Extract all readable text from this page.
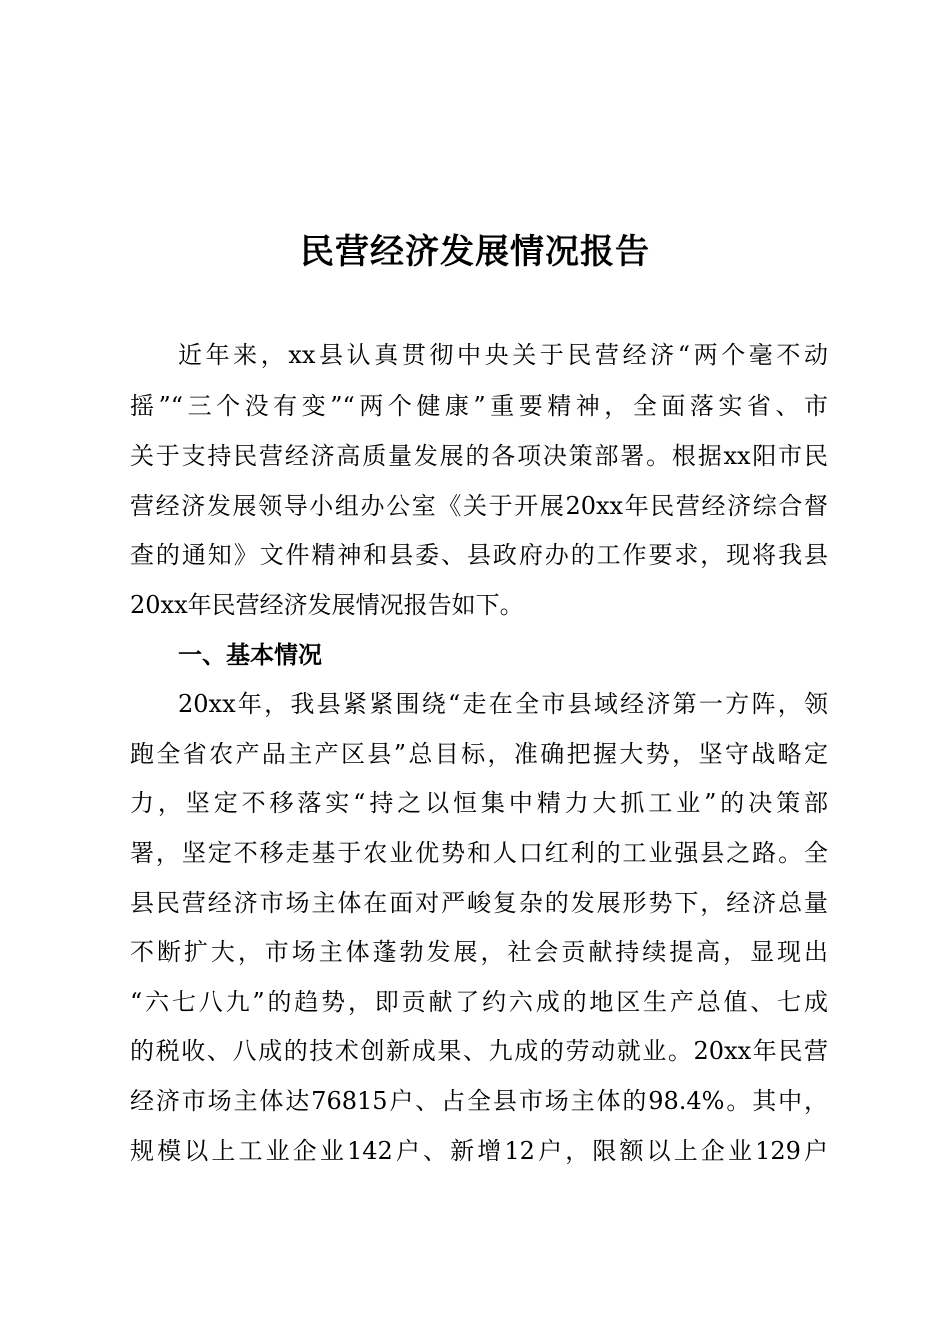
民营经济发展情况报告
近年来，xx县认真贯彻中央关于民营经济“两个毫不动
摇”“三个没有变”“两个健康”重要精神，全面落实省、市
关于支持民营经济高质量发展的各项决策部署。根据xx阳市民
营经济发展领导小组办公室《关于开展20xx年民营经济综合督
查的通知》文件精神和县委、县政府办的工作要求，现将我县
20xx年民营经济发展情况报告如下。
一、基本情况
20xx年，我县紧紧围绕“走在全市县域经济第一方阵，领
跑全省农产品主产区县”总目标，准确把握大势，坚守战略定
力，坚定不移落实“持之以恒集中精力大抓工业”的决策部
署，坚定不移走基于农业优势和人口红利的工业强县之路。全
县民营经济市场主体在面对严峻复杂的发展形势下，经济总量
不断扩大，市场主体蓬勃发展，社会贡献持续提高，显现出
“六七八九”的趋势，即贡献了约六成的地区生产总值、七成
的税收、八成的技术创新成果、九成的劳动就业。20xx年民营
经济市场主体达76815户、占全县市场主体的98.4%。其中，
规模以上工业企业142户、新增12户，限额以上企业129户
